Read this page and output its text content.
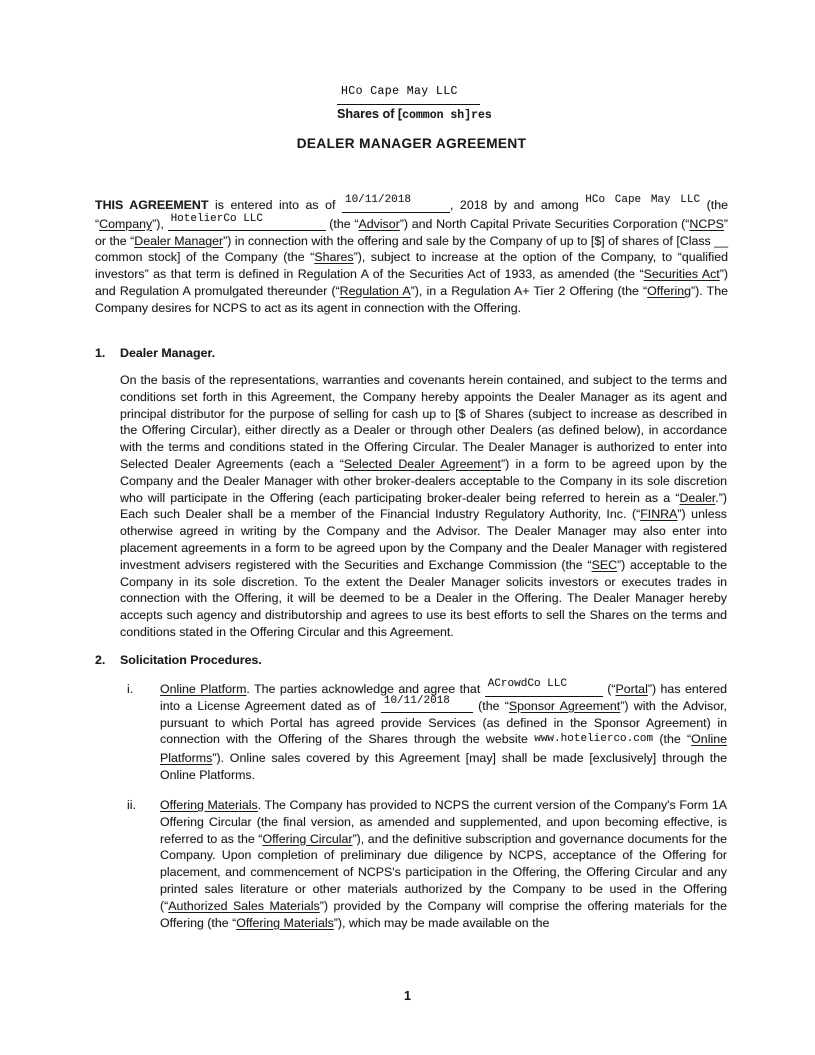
HCo Cape May LLC
Shares of [common sh]res
DEALER MANAGER AGREEMENT

THIS AGREEMENT is entered into as of 10/11/2018	, 2018 by and among HCo Cape May LLC (the “Company”), HotelierCo LLC	(the “Advisor”) and North Capital Private Securities Corporation (“NCPS” or the “Dealer Manager”) in connection with the offering and sale by the Company of up to [$] of shares of [Class __ common stock] of the Company (the “Shares”), subject to increase at the option of the Company, to “qualified investors” as that term is defined in Regulation A of the Securities Act of 1933, as amended (the “Securities Act”) and Regulation A promulgated thereunder (“Regulation A”), in a Regulation A+ Tier 2 Offering (the “Offering”). The Company desires for NCPS to act as its agent in connection with the Offering.

1. Dealer Manager.

On the basis of the representations, warranties and covenants herein contained, and subject to the terms and conditions set forth in this Agreement, the Company hereby appoints the Dealer Manager as its agent and principal distributor for the purpose of selling for cash up to [$ of Shares (subject to increase as described in the Offering Circular), either directly as a Dealer or through other Dealers (as defined below), in accordance with the terms and conditions stated in the Offering Circular. The Dealer Manager is authorized to enter into Selected Dealer Agreements (each a “Selected Dealer Agreement”) in a form to be agreed upon by the Company and the Dealer Manager with other broker-dealers acceptable to the Company in its sole discretion who will participate in the Offering (each participating broker-dealer being referred to herein as a “Dealer.”) Each such Dealer shall be a member of the Financial Industry Regulatory Authority, Inc. (“FINRA”) unless otherwise agreed in writing by the Company and the Advisor. The Dealer Manager may also enter into placement agreements in a form to be agreed upon by the Company and the Dealer Manager with registered investment advisers registered with the Securities and Exchange Commission (the “SEC”) acceptable to the Company in its sole discretion. To the extent the Dealer Manager solicits investors or executes trades in connection with the Offering, it will be deemed to be a Dealer in the Offering. The Dealer Manager hereby accepts such agency and distributorship and agrees to use its best efforts to sell the Shares on the terms and conditions stated in the Offering Circular and this Agreement.

2. Solicitation Procedures.
i. Online Platform. The parties acknowledge and agree that ACrowdCo LLC	(“Portal”) has entered into a License Agreement dated as of 10/11/2018 (the “Sponsor Agreement”) with the Advisor, pursuant to which Portal has agreed provide Services (as defined in the Sponsor Agreement) in connection with the Offering of the Shares through the website www.hotelierco.com (the “Online Platforms”). Online sales covered by this Agreement [may] shall be made [exclusively] through the Online Platforms.

ii. Offering Materials. The Company has provided to NCPS the current version of the Company's Form 1A Offering Circular (the final version, as amended and supplemented, and upon becoming effective, is referred to as the “Offering Circular”), and the definitive subscription and governance documents for the Company. Upon completion of preliminary due diligence by NCPS, acceptance of the Offering for placement, and commencement of NCPS's participation in the Offering, the Offering Circular and any printed sales literature or other materials authorized by the Company to be used in the Offering (“Authorized Sales Materials”) provided by the Company will comprise the offering materials for the Offering (the “Offering Materials”), which may be made available on the

1
